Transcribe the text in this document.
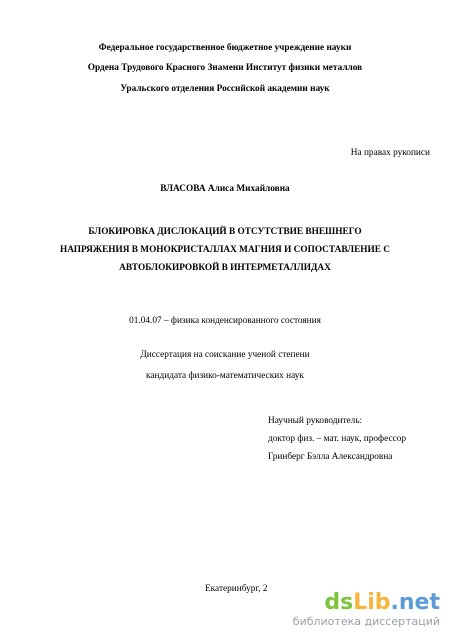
Федеральное государственное бюджетное учреждение науки
Ордена Трудового Красного Знамени Институт физики металлов
Уральского отделения Российской академии наук
На правах рукописи
ВЛАСОВА Алиса Михайловна
БЛОКИРОВКА ДИСЛОКАЦИЙ В ОТСУТСТВИЕ ВНЕШНЕГО
НАПРЯЖЕНИЯ В МОНОКРИСТАЛЛАХ МАГНИЯ И СОПОСТАВЛЕНИЕ С
АВТОБЛОКИРОВКОЙ В ИНТЕРМЕТАЛЛИДАХ
01.04.07 – физика конденсированного состояния
Диссертация на соискание ученой степени
кандидата физико-математических наук
Научный руководитель:
доктор физ. – мат. наук, профессор
Гринберг Бэлла Александровна
Екатеринбург, 2
dsLib.net
библиотека диссертаций
